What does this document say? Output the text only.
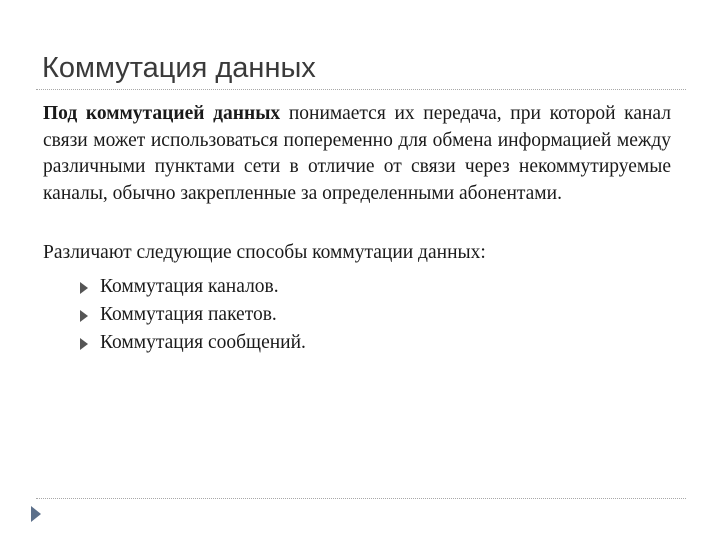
Коммутация данных

Под коммутацией данных понимается их передача, при которой канал связи может использоваться попеременно для обмена информацией между различными пунктами сети в отличие от связи через некоммутируемые каналы, обычно закрепленные за определенными абонентами.

Различают следующие способы коммутации данных:

Коммутация каналов.
Коммутация пакетов.
Коммутация сообщений.
